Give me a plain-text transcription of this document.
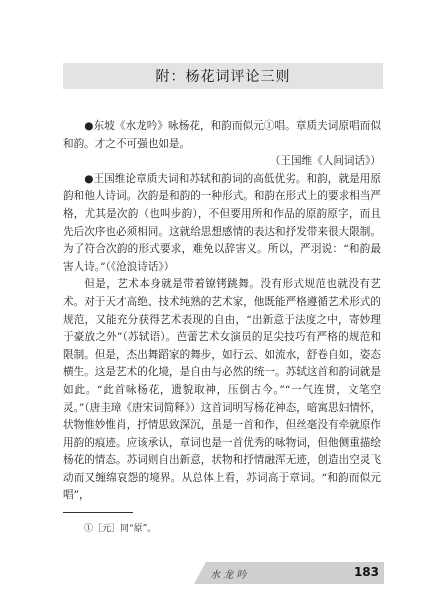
附：杨花词评论三则

●东坡《水龙吟》咏杨花，和韵而似元①唱。章质夫词原唱而似和韵。才之不可强也如是。

（王国维《人间词话》）

●王国维论章质夫词和苏轼和韵词的高低优劣。和韵，就是用原韵和他人诗词。次韵是和韵的一种形式。和韵在形式上的要求相当严格，尤其是次韵（也叫步韵），不但要用所和作品的原韵原字，而且先后次序也必须相同。这就给思想感情的表达和抒发带来很大限制。为了符合次韵的形式要求，难免以辞害义。所以，严羽说：“和韵最害人诗。”（《沧浪诗话》）

但是，艺术本身就是带着镣铐跳舞。没有形式规范也就没有艺术。对于天才高绝、技术纯熟的艺术家，他既能严格遵循艺术形式的规范，又能充分获得艺术表现的自由，“出新意于法度之中，寄妙理于豪放之外”（苏轼语）。芭蕾艺术女演员的足尖技巧有严格的规范和限制。但是，杰出舞蹈家的舞步，如行云、如流水，舒卷自如，姿态横生。这是艺术的化境，是自由与必然的统一。苏轼这首和韵词就是如此。“此首咏杨花，遗貌取神，压倒古今。”“一气连贯，文笔空灵。”（唐圭璋《唐宋词简释》）这首词明写杨花神态，暗寓思妇情怀，状物惟妙惟肖，抒情思致深沉，虽是一首和作，但丝毫没有牵就原作用韵的痕迹。应该承认，章词也是一首优秀的咏物词，但他侧重描绘杨花的情态。苏词则自出新意，状物和抒情融浑无迹，创造出空灵飞动而又缠绵哀怨的境界。从总体上看，苏词高于章词。“和韵而似元唱”，

①［元］同“原”。
水 龙 吟	183
